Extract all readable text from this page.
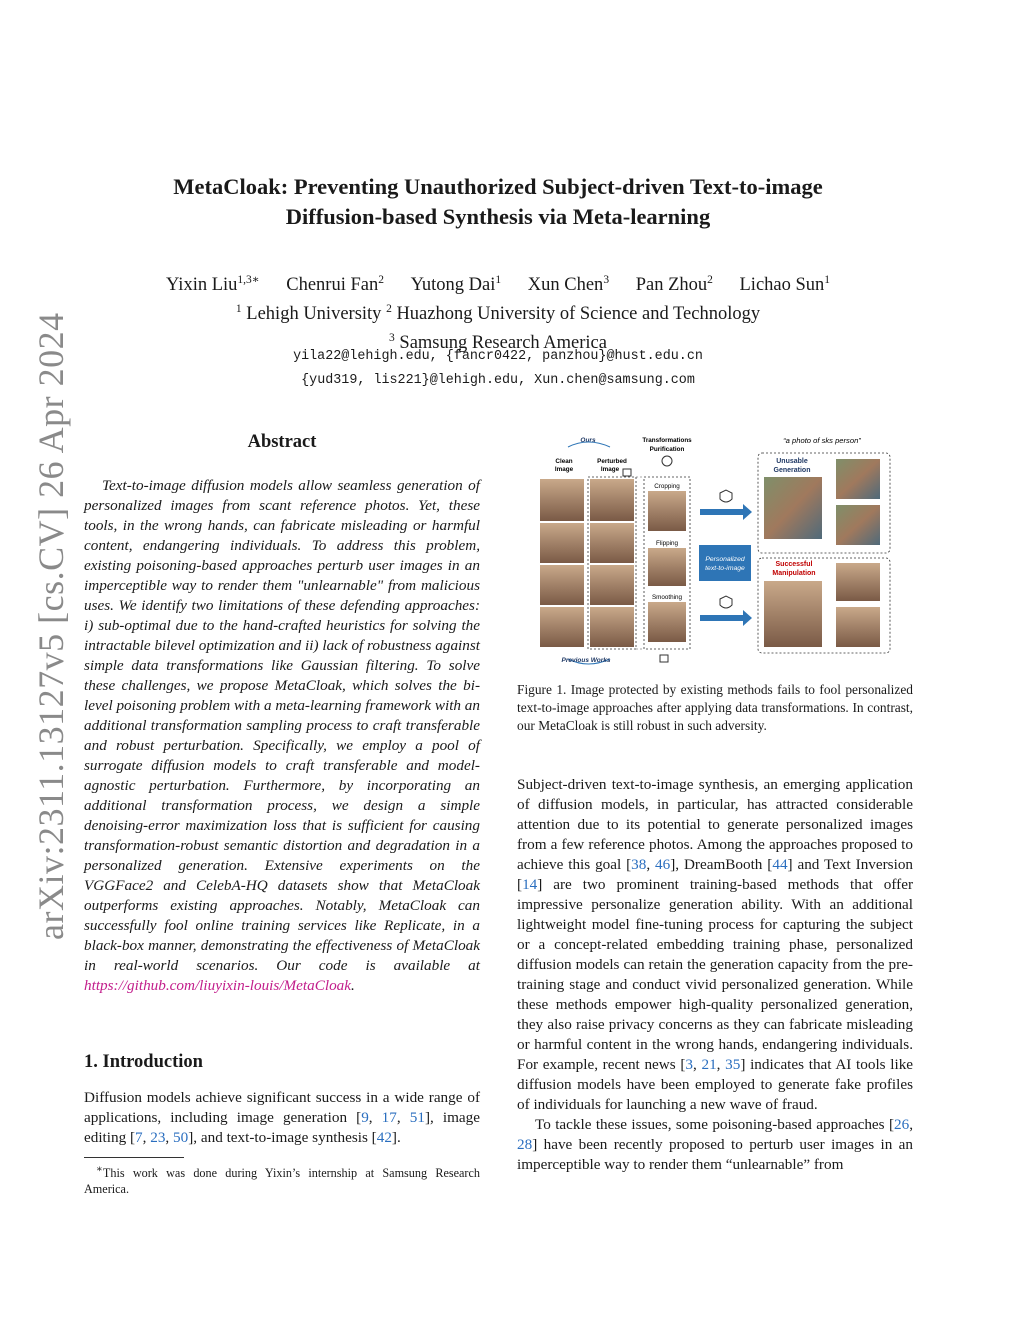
arXiv:2311.13127v5 [cs.CV] 26 Apr 2024
MetaCloak: Preventing Unauthorized Subject-driven Text-to-image
Diffusion-based Synthesis via Meta-learning
Yixin Liu$^{1,3∗}$ Chenrui Fan$^2$ Yutong Dai$^1$ Xun Chen$^3$ Pan Zhou$^2$ Lichao Sun$^1$
$^1$ Lehigh University $^2$ Huazhong University of Science and Technology
$^3$ Samsung Research America
yila22@lehigh.edu, {fancr0422, panzhou}@hust.edu.cn
{yud319, lis221}@lehigh.edu, Xun.chen@samsung.com
Abstract
Text-to-image diffusion models allow seamless generation of personalized images from scant reference photos. Yet, these tools, in the wrong hands, can fabricate misleading or harmful content, endangering individuals. To address this problem, existing poisoning-based approaches perturb user images in an imperceptible way to render them "unlearnable" from malicious uses. We identify two limitations of these defending approaches: i) sub-optimal due to the hand-crafted heuristics for solving the intractable bilevel optimization and ii) lack of robustness against simple data transformations like Gaussian filtering. To solve these challenges, we propose MetaCloak, which solves the bi-level poisoning problem with a meta-learning framework with an additional transformation sampling process to craft transferable and robust perturbation. Specifically, we employ a pool of surrogate diffusion models to craft transferable and model-agnostic perturbation. Furthermore, by incorporating an additional transformation process, we design a simple denoising-error maximization loss that is sufficient for causing transformation-robust semantic distortion and degradation in a personalized generation. Extensive experiments on the VGGFace2 and CelebA-HQ datasets show that MetaCloak outperforms existing approaches. Notably, MetaCloak can successfully fool online training services like Replicate, in a black-box manner, demonstrating the effectiveness of MetaCloak in real-world scenarios. Our code is available at https://github.com/liuyixin-louis/MetaCloak.
1. Introduction
Diffusion models achieve significant success in a wide range of applications, including image generation [9, 17, 51], image editing [7, 23, 50], and text-to-image synthesis [42].
∗This work was done during Yixin’s internship at Samsung Research America.
Ours
Clean Image
Perturbed Image
Transformations Purification
“a photo of sks person”
Cropping
Flipping
Smoothing
Personalized text-to-image
Unusable Generation
Successful Manipulation
Previous Works
Figure 1. Image protected by existing methods fails to fool personalized text-to-image approaches after applying data transformations. In contrast, our MetaCloak is still robust in such adversity.

Subject-driven text-to-image synthesis, an emerging application of diffusion models, in particular, has attracted considerable attention due to its potential to generate personalized images from a few reference photos. Among the approaches proposed to achieve this goal [38, 46], DreamBooth [44] and Text Inversion [14] are two prominent training-based methods that offer impressive personalize generation ability. With an additional lightweight model fine-tuning process for capturing the subject or a concept-related embedding training phase, personalized diffusion models can retain the generation capacity from the pre-training stage and conduct vivid personalized generation. While these methods empower high-quality personalized generation, they also raise privacy concerns as they can fabricate misleading or harmful content in the wrong hands, endangering individuals. For example, recent news [3, 21, 35] indicates that AI tools like diffusion models have been employed to generate fake profiles of individuals for launching a new wave of fraud.

To tackle these issues, some poisoning-based approaches [26, 28] have been recently proposed to perturb user images in an imperceptible way to render them “unlearnable” from
